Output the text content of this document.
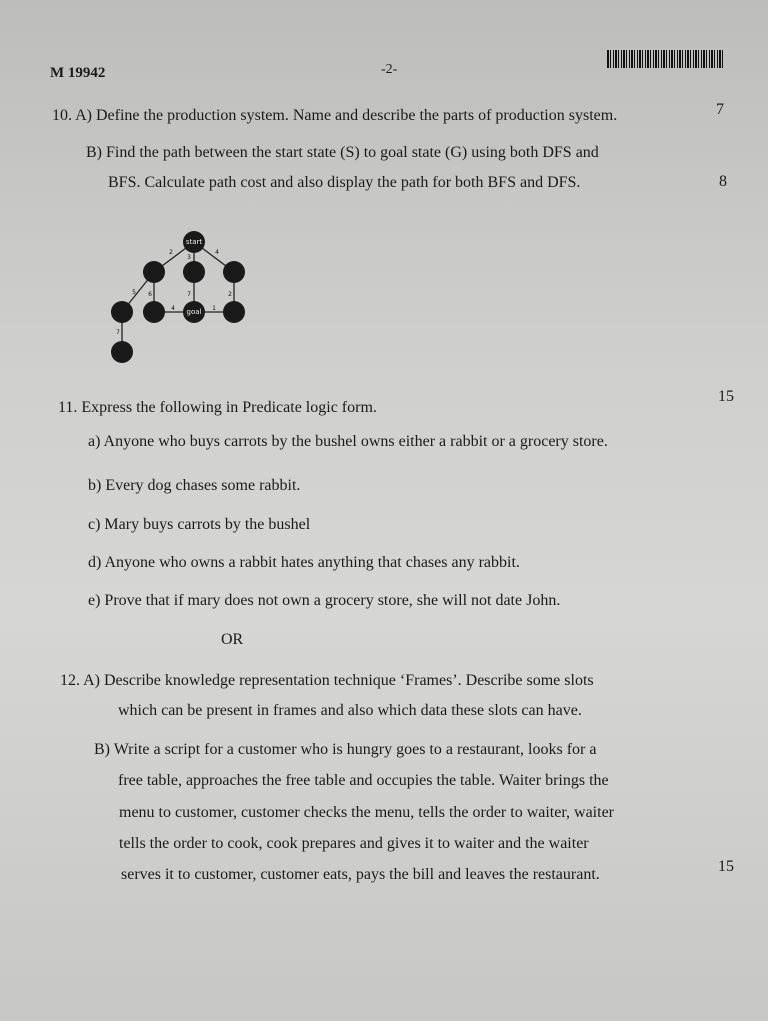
M 19942	-2-
10. A) Define the production system. Name and describe the parts of production system.	7
B) Find the path between the start state (S) to goal state (G) using both DFS and
BFS. Calculate path cost and also display the path for both BFS and DFS.	8
start
goal
2
3
4
5 6	7	2
4	1
7
11. Express the following in Predicate logic form.
15
a) Anyone who buys carrots by the bushel owns either a rabbit or a grocery store.
b) Every dog chases some rabbit.
c) Mary buys carrots by the bushel
d) Anyone who owns a rabbit hates anything that chases any rabbit.
e) Prove that if mary does not own a grocery store, she will not date John.
OR
12. A) Describe knowledge representation technique ‘Frames’. Describe some slots
which can be present in frames and also which data these slots can have.
B) Write a script for a customer who is hungry goes to a restaurant, looks for a
free table, approaches the free table and occupies the table. Waiter brings the
menu to customer, customer checks the menu, tells the order to waiter, waiter
tells the order to cook, cook prepares and gives it to waiter and the waiter
serves it to customer, customer eats, pays the bill and leaves the restaurant.	15
